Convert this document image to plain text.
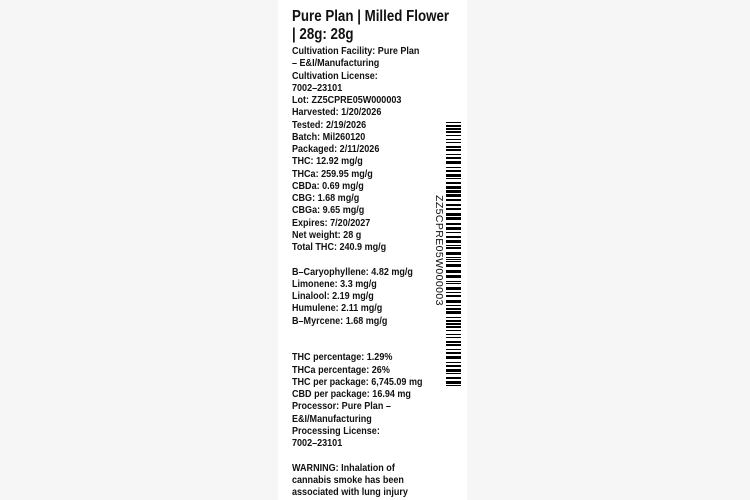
Pure Plan | Milled Flower
| 28g: 28g
Cultivation Facility: Pure Plan
– E&I/Manufacturing
Cultivation License:
7002–23101
Lot: ZZ5CPRE05W000003
Harvested: 1/20/2026
Tested: 2/19/2026
Batch: Mil260120
Packaged: 2/11/2026
THC: 12.92 mg/g
THCa: 259.95 mg/g
CBDa: 0.69 mg/g
CBG: 1.68 mg/g
CBGa: 9.65 mg/g
Expires: 7/20/2027
Net weight: 28 g
Total THC: 240.9 mg/g
B–Caryophyllene: 4.82 mg/g
Limonene: 3.3 mg/g
Linalool: 2.19 mg/g
Humulene: 2.11 mg/g
B–Myrcene: 1.68 mg/g
THC percentage: 1.29%
THCa percentage: 26%
THC per package: 6,745.09 mg
CBD per package: 16.94 mg
Processor: Pure Plan –
E&I/Manufacturing
Processing License:
7002–23101
WARNING: Inhalation of
cannabis smoke has been
associated with lung injury
ZZ5CPRE05W000003
